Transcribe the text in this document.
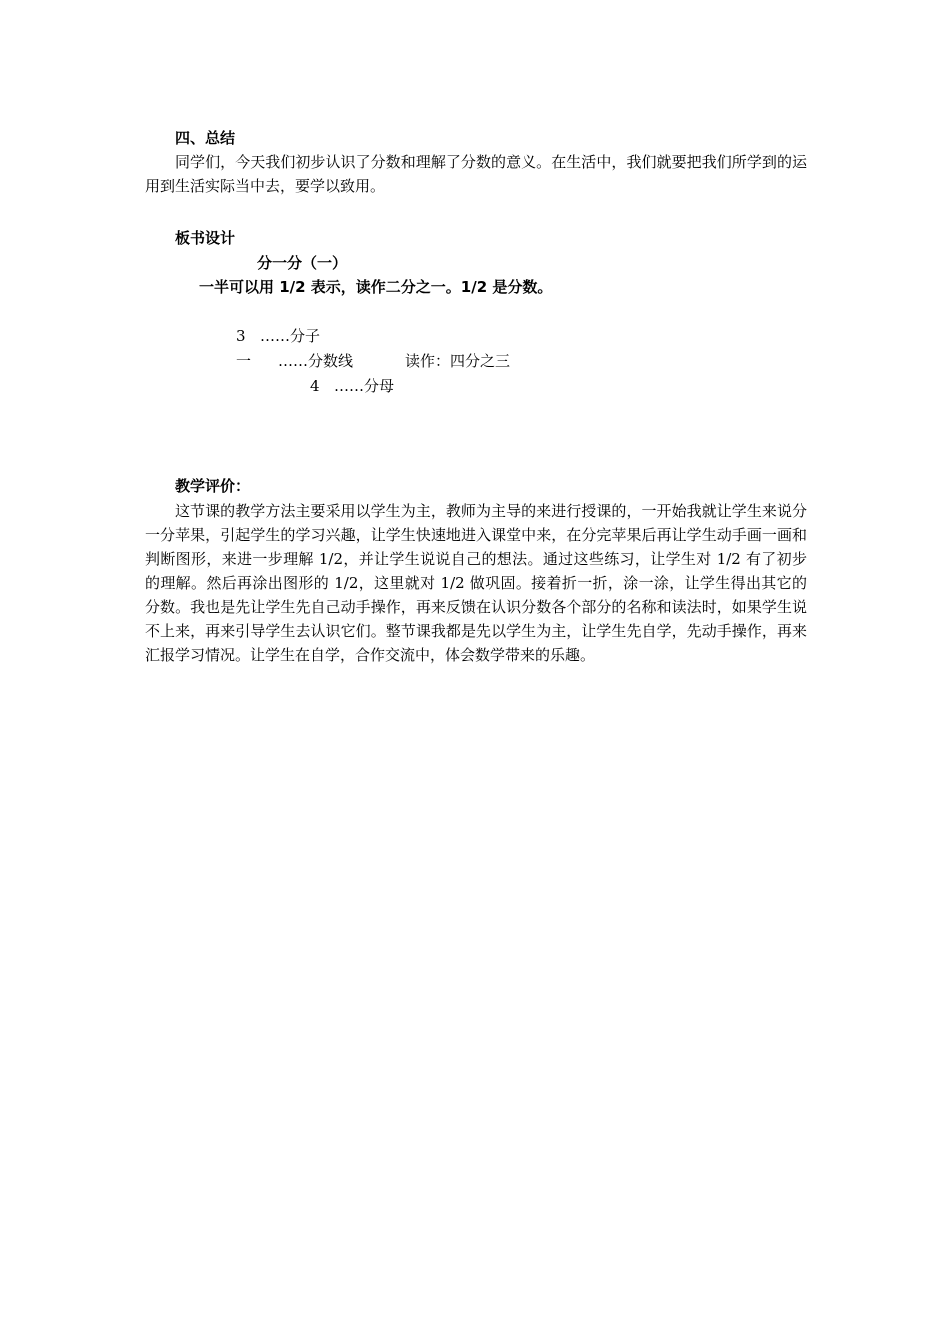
四、总结
同学们，今天我们初步认识了分数和理解了分数的意义。在生活中，我们就要把我们所学到的运用到生活实际当中去，要学以致用。
板书设计
分一分（一）
一半可以用 1/2 表示，读作二分之一。1/2 是分数。
3 ……分子
一 ……分数线	读作：四分之三
4 ……分母
教学评价：
这节课的教学方法主要采用以学生为主，教师为主导的来进行授课的，一开始我就让学生来说分一分苹果，引起学生的学习兴趣，让学生快速地进入课堂中来，在分完苹果后再让学生动手画一画和判断图形，来进一步理解 1/2，并让学生说说自己的想法。通过这些练习，让学生对 1/2 有了初步的理解。然后再涂出图形的 1/2，这里就对 1/2 做巩固。接着折一折，涂一涂，让学生得出其它的分数。我也是先让学生先自己动手操作，再来反馈在认识分数各个部分的名称和读法时，如果学生说不上来，再来引导学生去认识它们。整节课我都是先以学生为主，让学生先自学，先动手操作，再来汇报学习情况。让学生在自学，合作交流中，体会数学带来的乐趣。
